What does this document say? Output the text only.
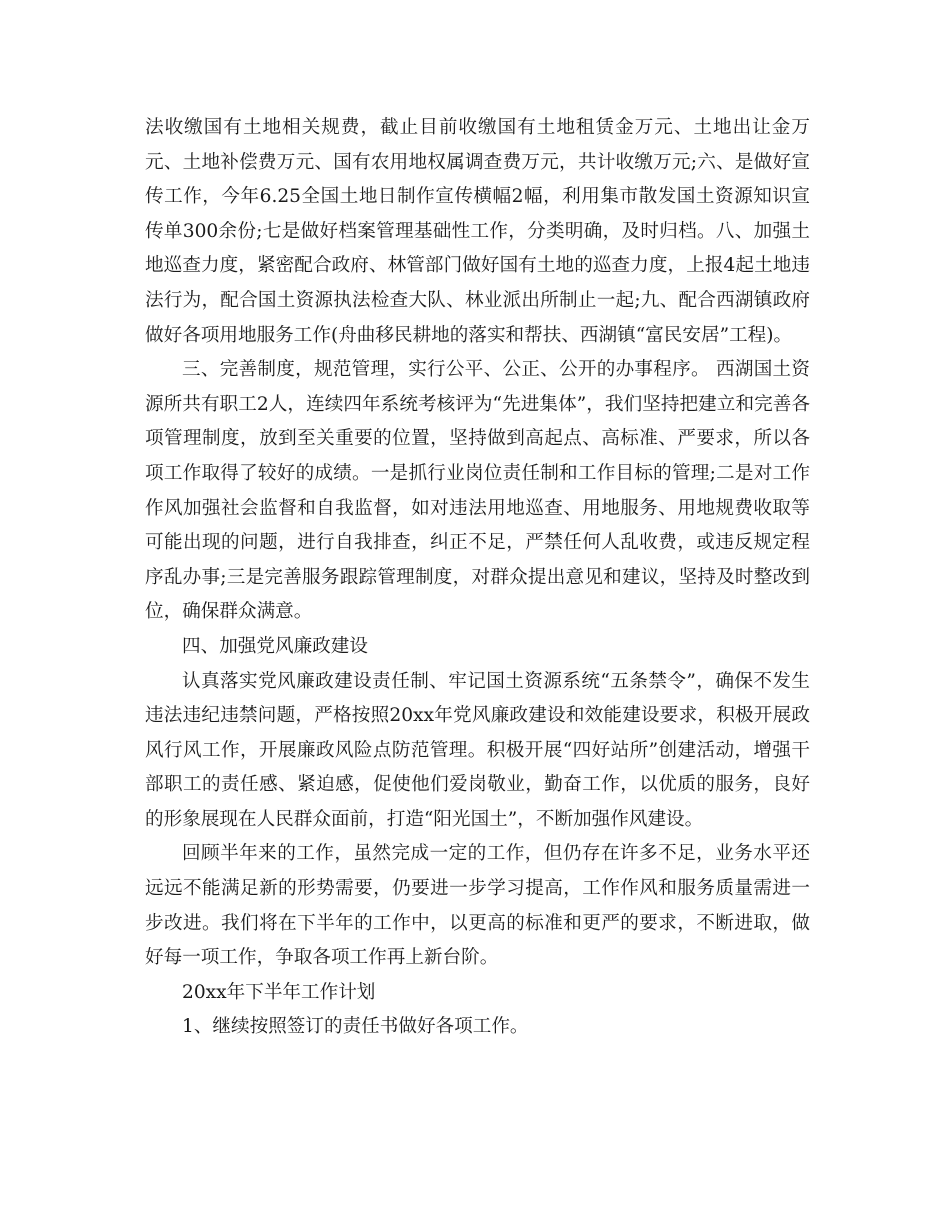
法收缴国有土地相关规费，截止目前收缴国有土地租赁金万元、土地出让金万元、土地补偿费万元、国有农用地权属调查费万元，共计收缴万元;六、是做好宣传工作，今年6.25全国土地日制作宣传横幅2幅，利用集市散发国土资源知识宣传单300余份;七是做好档案管理基础性工作，分类明确，及时归档。八、加强土地巡查力度，紧密配合政府、林管部门做好国有土地的巡查力度，上报4起土地违法行为，配合国土资源执法检查大队、林业派出所制止一起;九、配合西湖镇政府做好各项用地服务工作(舟曲移民耕地的落实和帮扶、西湖镇“富民安居”工程)。

三、完善制度，规范管理，实行公平、公正、公开的办事程序。 西湖国土资源所共有职工2人，连续四年系统考核评为“先进集体”，我们坚持把建立和完善各项管理制度，放到至关重要的位置，坚持做到高起点、高标准、严要求，所以各项工作取得了较好的成绩。一是抓行业岗位责任制和工作目标的管理;二是对工作作风加强社会监督和自我监督，如对违法用地巡查、用地服务、用地规费收取等可能出现的问题，进行自我排查，纠正不足，严禁任何人乱收费，或违反规定程序乱办事;三是完善服务跟踪管理制度，对群众提出意见和建议，坚持及时整改到位，确保群众满意。

四、加强党风廉政建设

认真落实党风廉政建设责任制、牢记国土资源系统“五条禁令”，确保不发生违法违纪违禁问题，严格按照20xx年党风廉政建设和效能建设要求，积极开展政风行风工作，开展廉政风险点防范管理。积极开展“四好站所”创建活动，增强干部职工的责任感、紧迫感，促使他们爱岗敬业，勤奋工作，以优质的服务，良好的形象展现在人民群众面前，打造“阳光国土”，不断加强作风建设。

回顾半年来的工作，虽然完成一定的工作，但仍存在许多不足，业务水平还远远不能满足新的形势需要，仍要进一步学习提高，工作作风和服务质量需进一步改进。我们将在下半年的工作中，以更高的标准和更严的要求，不断进取，做好每一项工作，争取各项工作再上新台阶。

20xx年下半年工作计划

1、继续按照签订的责任书做好各项工作。
